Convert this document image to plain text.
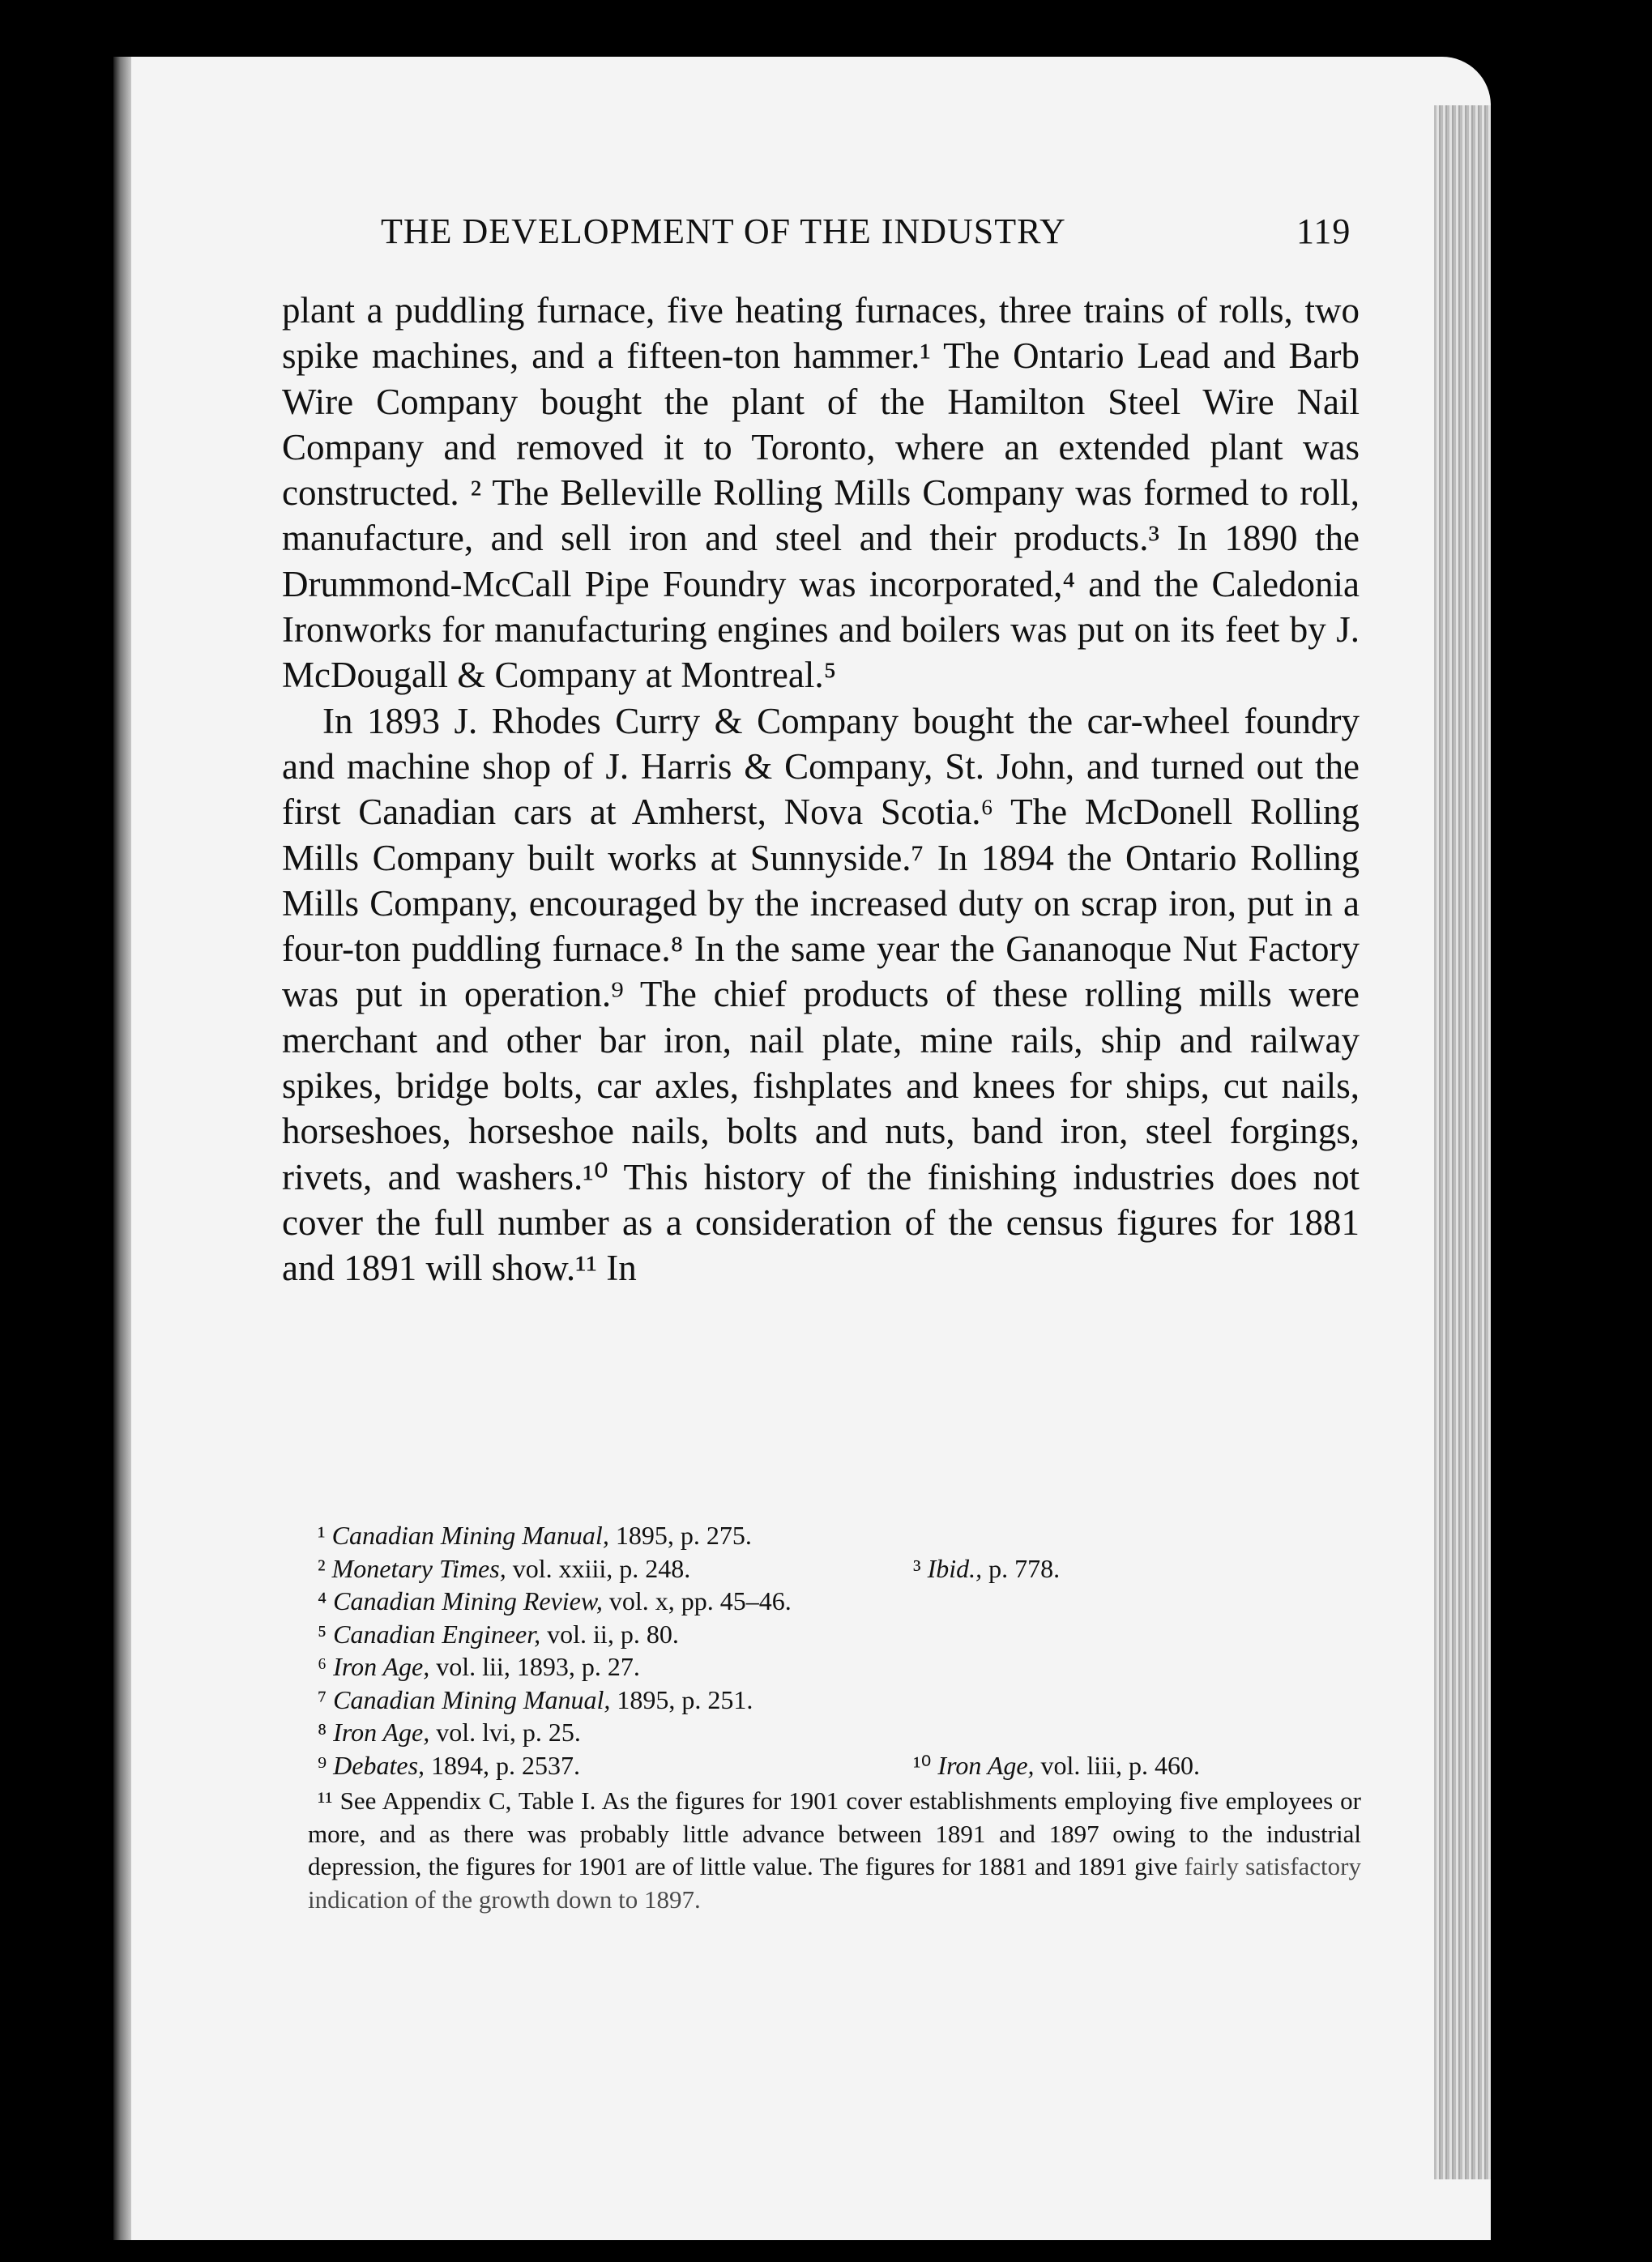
THE DEVELOPMENT OF THE INDUSTRY	119

plant a puddling furnace, five heating furnaces, three trains of rolls, two spike machines, and a fifteen-ton hammer.¹ The Ontario Lead and Barb Wire Company bought the plant of the Hamilton Steel Wire Nail Company and removed it to Toronto, where an extended plant was constructed. ² The Belleville Rolling Mills Company was formed to roll, manufacture, and sell iron and steel and their products.³ In 1890 the Drummond-McCall Pipe Foundry was incorporated,⁴ and the Caledonia Ironworks for manufacturing engines and boilers was put on its feet by J. McDougall & Company at Montreal.⁵

In 1893 J. Rhodes Curry & Company bought the car-wheel foundry and machine shop of J. Harris & Company, St. John, and turned out the first Canadian cars at Amherst, Nova Scotia.⁶ The McDonell Rolling Mills Company built works at Sunnyside.⁷ In 1894 the Ontario Rolling Mills Company, encouraged by the increased duty on scrap iron, put in a four-ton puddling furnace.⁸ In the same year the Gananoque Nut Factory was put in operation.⁹ The chief products of these rolling mills were merchant and other bar iron, nail plate, mine rails, ship and railway spikes, bridge bolts, car axles, fishplates and knees for ships, cut nails, horseshoes, horseshoe nails, bolts and nuts, band iron, steel forgings, rivets, and washers.¹⁰ This history of the finishing industries does not cover the full number as a consideration of the census figures for 1881 and 1891 will show.¹¹ In

¹ Canadian Mining Manual, 1895, p. 275.
² Monetary Times, vol. xxiii, p. 248.	³ Ibid., p. 778.
⁴ Canadian Mining Review, vol. x, pp. 45–46.
⁵ Canadian Engineer, vol. ii, p. 80.
⁶ Iron Age, vol. lii, 1893, p. 27.
⁷ Canadian Mining Manual, 1895, p. 251.
⁸ Iron Age, vol. lvi, p. 25.
⁹ Debates, 1894, p. 2537.	¹⁰ Iron Age, vol. liii, p. 460.
¹¹ See Appendix C, Table I. As the figures for 1901 cover establishments employing five employees or more, and as there was probably little advance between 1891 and 1897 owing to the industrial depression, the figures for 1901 are of little value. The figures for 1881 and 1891 give fairly satisfactory indication of the growth down to 1897.
